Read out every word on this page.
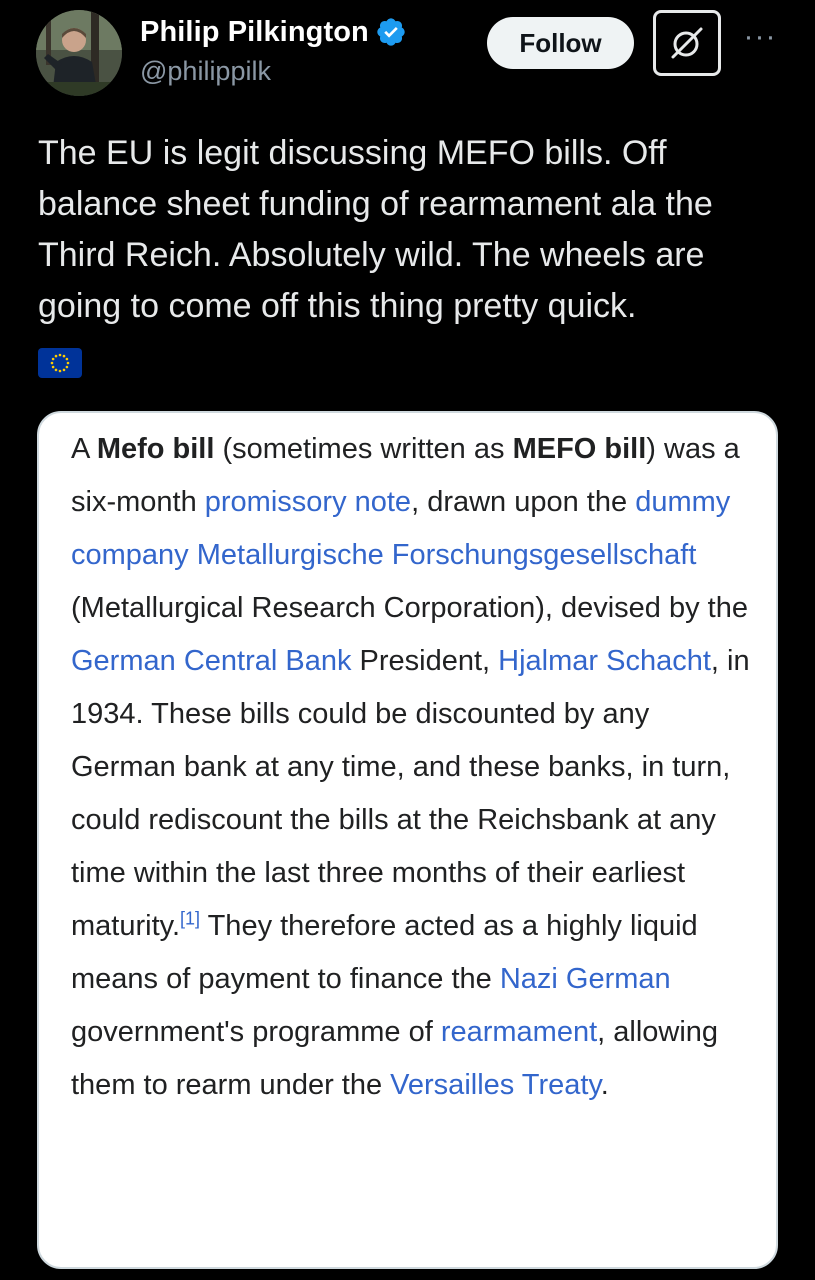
Philip Pilkington
@philippilk
Follow	···
The EU is legit discussing MEFO bills. Off balance sheet funding of rearmament ala the Third Reich. Absolutely wild. The wheels are going to come off this thing pretty quick.
A Mefo bill (sometimes written as MEFO bill) was a six-month promissory note, drawn upon the dummy company Metallurgische Forschungsgesellschaft (Metallurgical Research Corporation), devised by the German Central Bank President, Hjalmar Schacht, in 1934. These bills could be discounted by any German bank at any time, and these banks, in turn, could rediscount the bills at the Reichsbank at any time within the last three months of their earliest maturity.[1] They therefore acted as a highly liquid means of payment to finance the Nazi German government's programme of rearmament, allowing them to rearm under the Versailles Treaty.
